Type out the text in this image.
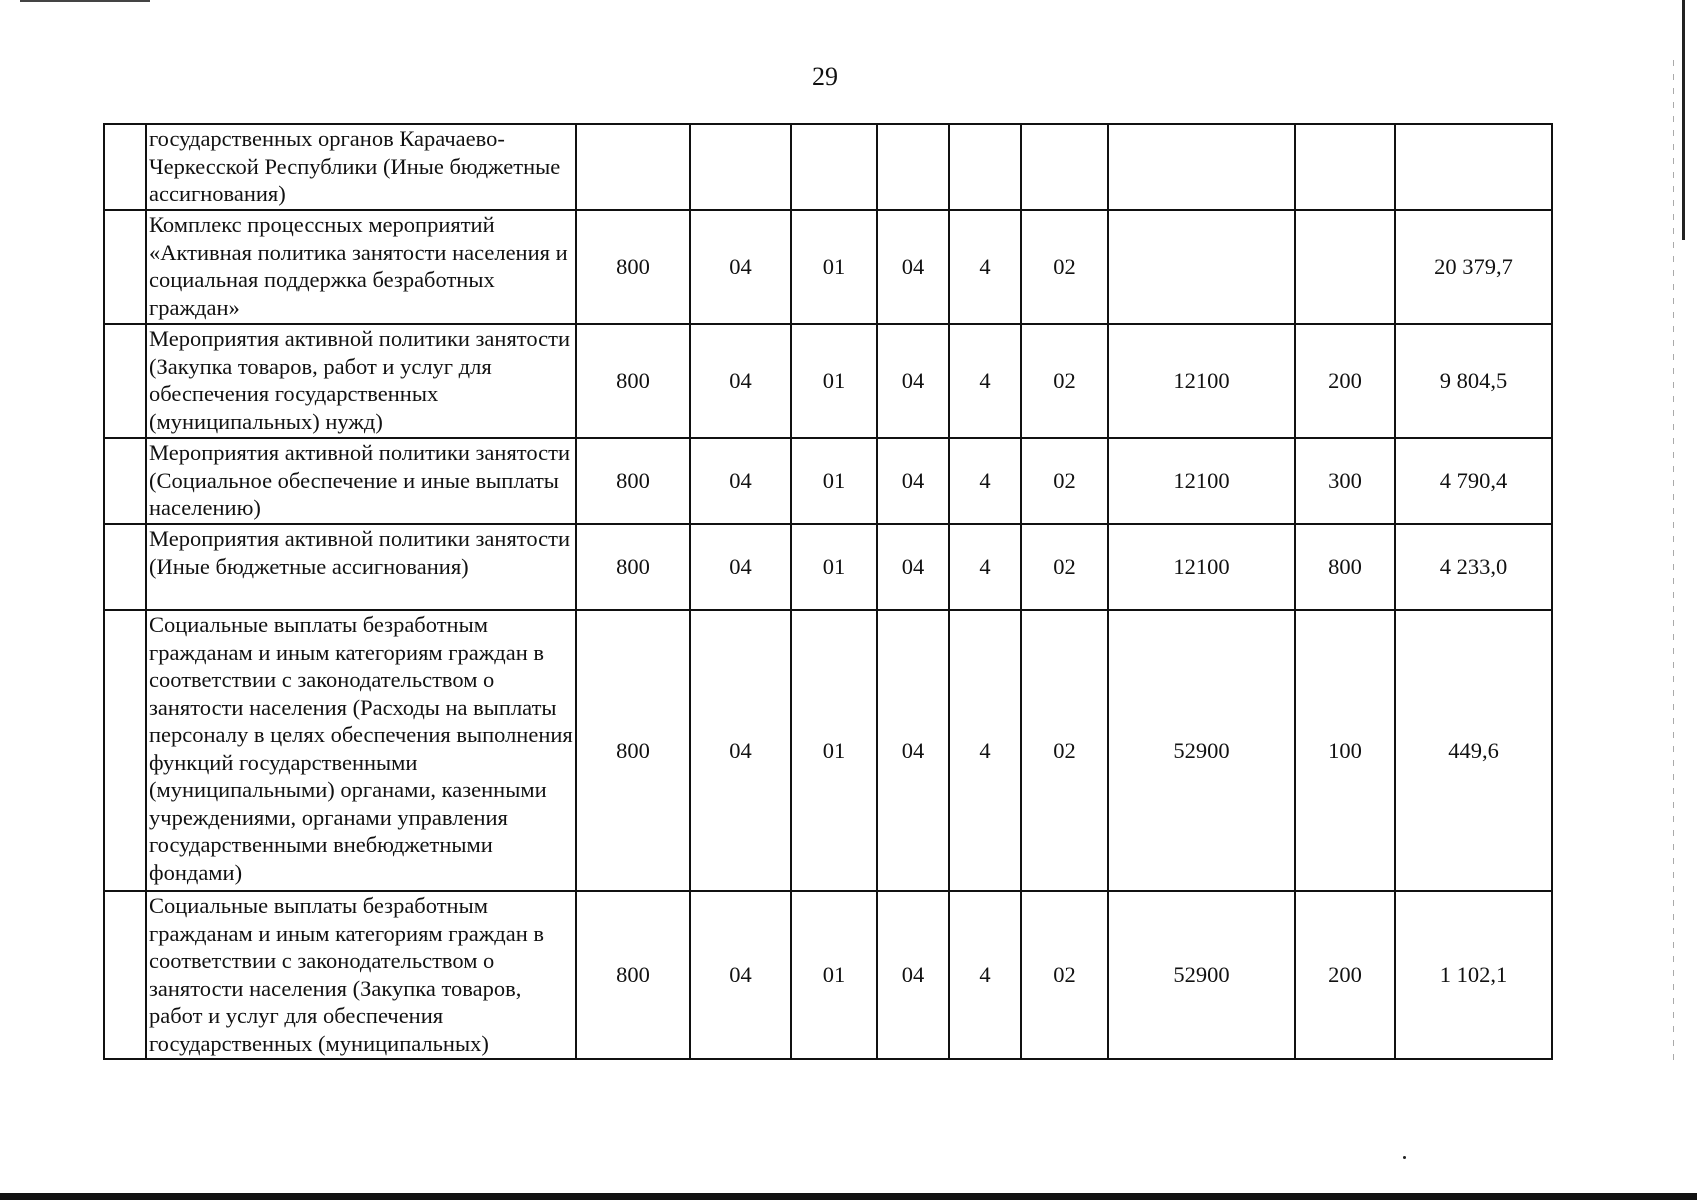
29
	государственных органов Карачаево-Черкесской Республики (Иные бюджетные ассигнования)									
	Комплекс процессных мероприятий «Активная политика занятости населения и социальная поддержка безработных граждан»	800	04	01	04	4	02			20 379,7
	Мероприятия активной политики занятости (Закупка товаров, работ и услуг для обеспечения государственных (муниципальных) нужд)	800	04	01	04	4	02	12100	200	9 804,5
	Мероприятия активной политики занятости (Социальное обеспечение и иные выплаты населению)	800	04	01	04	4	02	12100	300	4 790,4
	Мероприятия активной политики занятости (Иные бюджетные ассигнования)	800	04	01	04	4	02	12100	800	4 233,0
	Социальные выплаты безработным гражданам и иным категориям граждан в соответствии с законодательством о занятости населения (Расходы на выплаты персоналу в целях обеспечения выполнения функций государственными (муниципальными) органами, казенными учреждениями, органами управления государственными внебюджетными фондами)	800	04	01	04	4	02	52900	100	449,6
	Социальные выплаты безработным гражданам и иным категориям граждан в соответствии с законодательством о занятости населения (Закупка товаров, работ и услуг для обеспечения государственных (муниципальных)	800	04	01	04	4	02	52900	200	1 102,1
